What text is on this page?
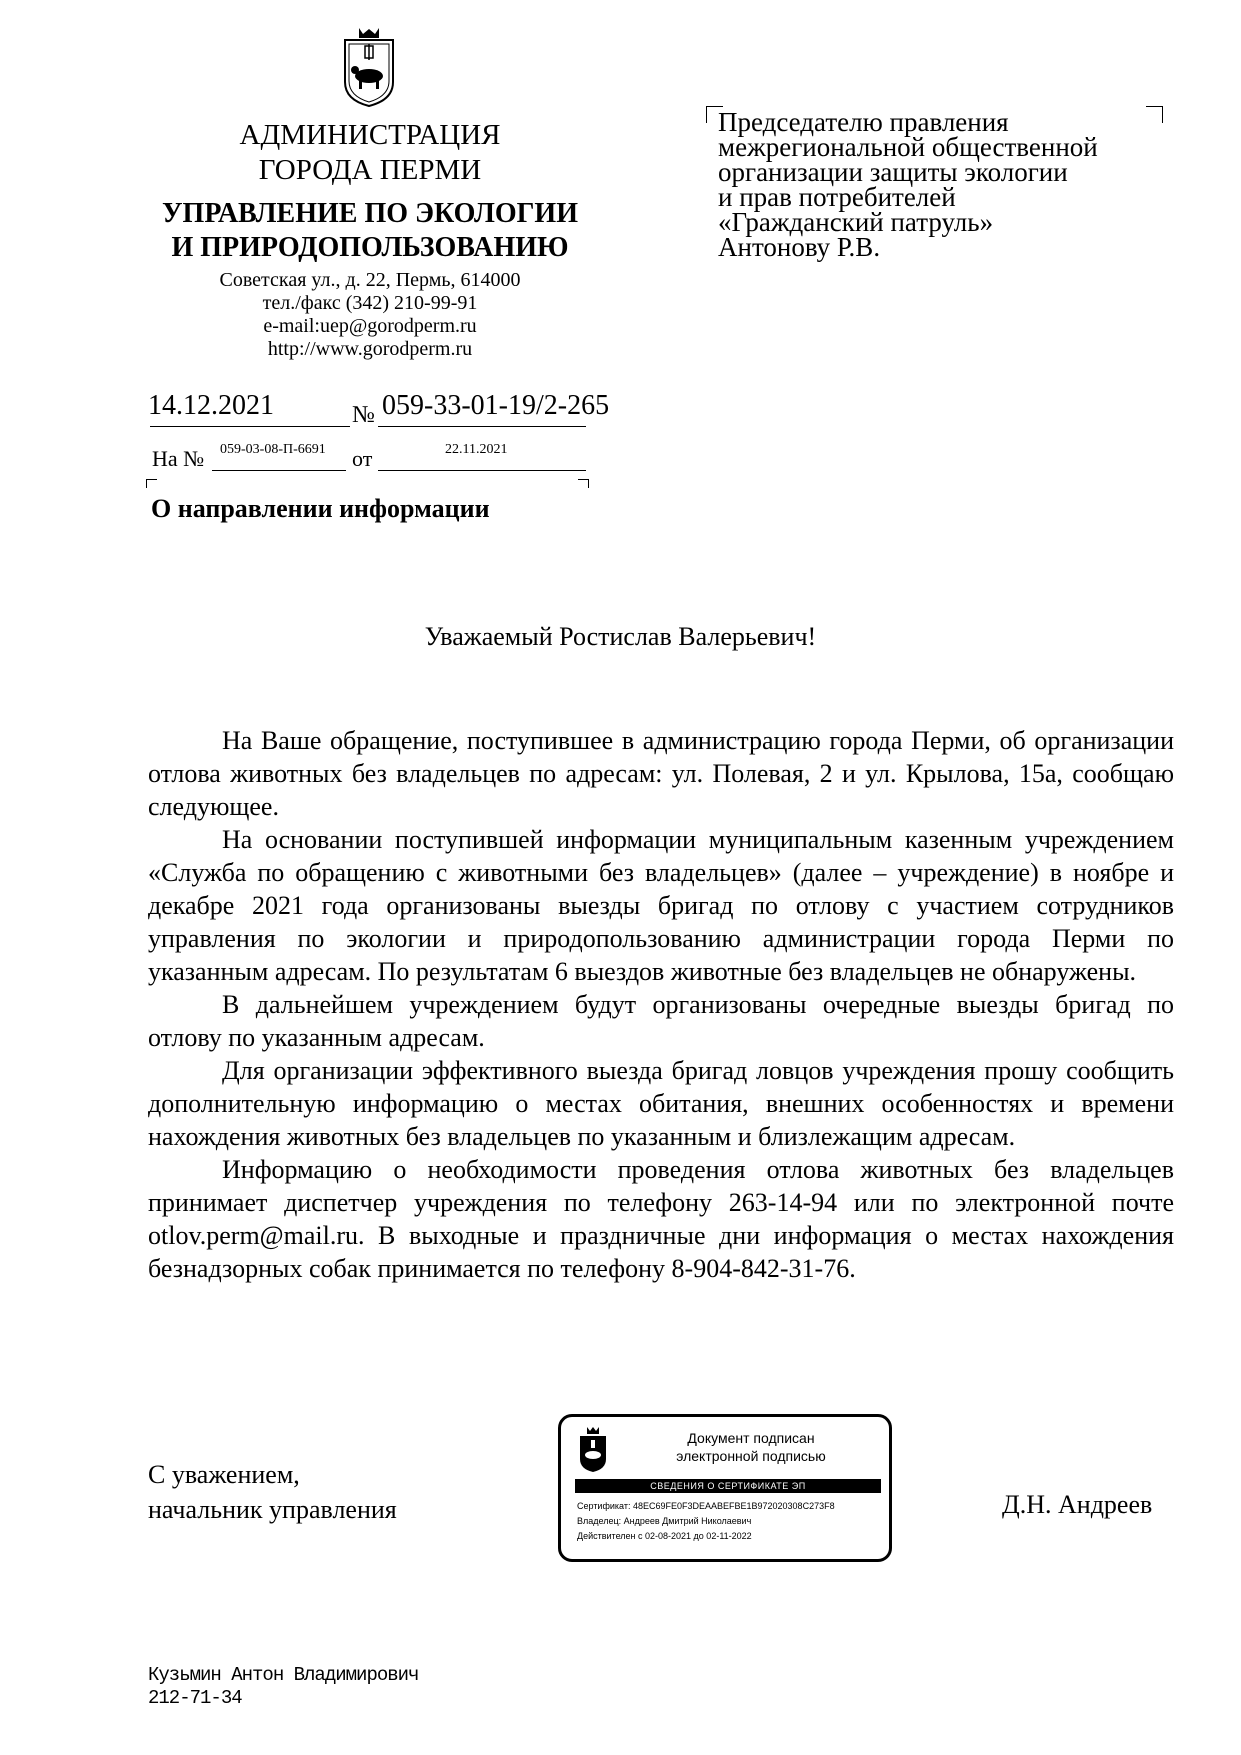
АДМИНИСТРАЦИЯ
ГОРОДА ПЕРМИ
УПРАВЛЕНИЕ ПО ЭКОЛОГИИ
И ПРИРОДОПОЛЬЗОВАНИЮ
Советская ул., д. 22, Пермь, 614000
тел./факс (342) 210-99-91
e-mail:uep@gorodperm.ru
http://www.gorodperm.ru
14.12.2021	№ 059-33-01-19/2-265
На № 059-03-08-П-6691 от	22.11.2021
Председателю правления
межрегиональной общественной
организации защиты экологии
и прав потребителей
«Гражданский патруль»
Антонову Р.В.
О направлении информации
Уважаемый Ростислав Валерьевич!

На Ваше обращение, поступившее в администрацию города Перми, об организации отлова животных без владельцев по адресам: ул. Полевая, 2 и ул. Крылова, 15а, сообщаю следующее.

На основании поступившей информации муниципальным казенным учреждением «Служба по обращению с животными без владельцев» (далее – учреждение) в ноябре и декабре 2021 года организованы выезды бригад по отлову с участием сотрудников управления по экологии и природопользованию администрации города Перми по указанным адресам. По результатам 6 выездов животные без владельцев не обнаружены.

В дальнейшем учреждением будут организованы очередные выезды бригад по отлову по указанным адресам.

Для организации эффективного выезда бригад ловцов учреждения прошу сообщить дополнительную информацию о местах обитания, внешних особенностях и времени нахождения животных без владельцев по указанным и близлежащим адресам.

Информацию о необходимости проведения отлова животных без владельцев принимает диспетчер учреждения по телефону 263-14-94 или по электронной почте otlov.perm@mail.ru. В выходные и праздничные дни информация о местах нахождения безнадзорных собак принимается по телефону 8-904-842-31-76.

С уважением,
начальник управления	Д.Н. Андреев
Документ подписан
электронной подписью
СВЕДЕНИЯ О СЕРТИФИКАТЕ ЭП
Сертификат: 48EC69FE0F3DEAABEFBE1B972020308C273F8
Владелец: Андреев Дмитрий Николаевич
Действителен с 02-08-2021 до 02-11-2022
Кузьмин Антон Владимирович
212-71-34
